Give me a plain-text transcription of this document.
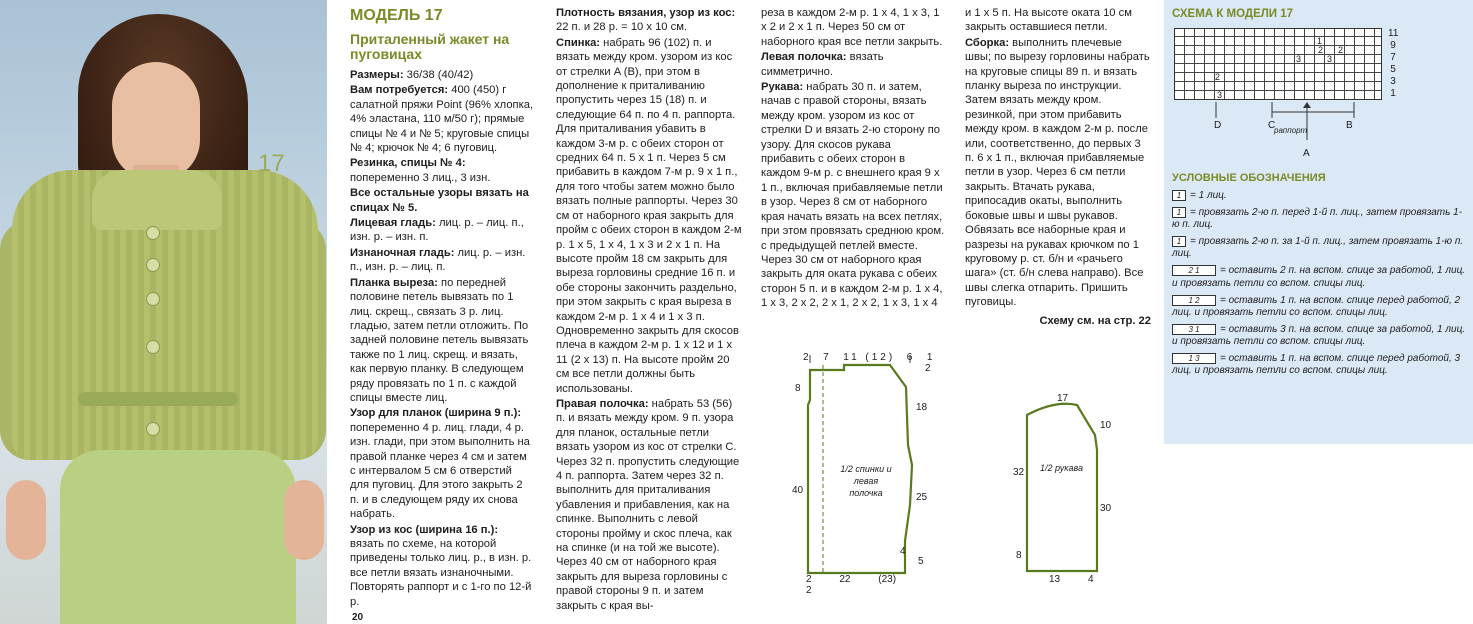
17
МОДЕЛЬ 17
Приталенный жакет на пуговицах
Размеры: 36/38 (40/42)
Вам потребуется: 400 (450) г салатной пряжи Point (96% хлопка, 4% эластана, 110 м/50 г); прямые спицы № 4 и № 5; круговые спицы № 4; крючок № 4; 6 пуговиц.
Резинка, спицы № 4: попеременно 3 лиц., 3 изн.
Все остальные узоры вязать на спицах № 5.
Лицевая гладь: лиц. р. – лиц. п., изн. р. – изн. п.
Изнаночная гладь: лиц. р. – изн. п., изн. р. – лиц. п.
Планка выреза: по передней половине петель вывязать по 1 лиц. скрещ., связать 3 р. лиц. гладью, затем петли отложить. По задней половине петель вывязать также по 1 лиц. скрещ. и вязать, как первую планку. В следующем ряду провязать по 1 п. с каждой спицы вместе лиц.
Узор для планок (ширина 9 п.): попеременно 4 р. лиц. глади, 4 р. изн. глади, при этом выполнить на правой планке через 4 см и затем с интервалом 5 см 6 отверстий для пуговиц. Для этого закрыть 2 п. и в следующем ряду их снова набрать.
Узор из кос (ширина 16 п.): вязать по схеме, на которой приведены только лиц. р., в изн. р. все петли вязать изнаночными. Повторять раппорт и с 1-го по 12-й р.
Плотность вязания, узор из кос: 22 п. и 28 р. = 10 х 10 см.
Спинка: набрать 96 (102) п. и вязать между кром. узором из кос от стрелки A (B), при этом в дополнение к приталиванию пропустить через 15 (18) п. и следующие 64 п. по 4 п. раппорта. Для приталивания убавить в каждом 3-м р. с обеих сторон от средних 64 п. 5 х 1 п. Через 5 см прибавить в каждом 7-м р. 9 х 1 п., для того чтобы затем можно было вязать полные раппорты. Через 30 см от наборного края закрыть для пройм с обеих сторон в каждом 2-м р. 1 х 5, 1 х 4, 1 х 3 и 2 х 1 п. На высоте пройм 18 см закрыть для выреза горловины средние 16 п. и обе стороны закончить раздельно, при этом закрыть с края выреза в каждом 2-м р. 1 х 4 и 1 х 3 п. Одновременно закрыть для скосов плеча в каждом 2-м р. 1 х 12 и 1 х 11 (2 х 13) п. На высоте пройм 20 см все петли должны быть использованы.
Правая полочка: набрать 53 (56) п. и вязать между кром. 9 п. узора для планок, остальные петли вязать узором из кос от стрелки C. Через 32 п. пропустить следующие 4 п. раппорта. Затем через 32 п. выполнить для приталивания убавления и прибавления, как на спинке. Выполнить с левой стороны пройму и скос плеча, как на спинке (и на той же высоте). Через 40 см от наборного края закрыть для выреза горловины с правой стороны 9 п. и затем закрыть с края вы-
реза в каждом 2-м р. 1 х 4, 1 х 3, 1 х 2 и 2 х 1 п. Через 50 см от наборного края все петли закрыть.
Левая полочка: вязать симметрично.
Рукава: набрать 30 п. и затем, начав с правой стороны, вязать между кром. узором из кос от стрелки D и вязать 2-ю сторону по узору. Для скосов рукава прибавить с обеих сторон в каждом 9-м р. с внешнего края 9 х 1 п., включая прибавляемые петли в узор. Через 8 см от наборного края начать вязать на всех петлях, при этом провязать среднюю кром. с предыдущей петлей вместе. Через 30 см от наборного края закрыть для оката рукава с обеих сторон 5 п. и в каждом 2-м р. 1 х 4, 1 х 3, 2 х 2, 2 х 1, 2 х 2, 1 х 3, 1 х 4
и 1 х 5 п. На высоте оката 10 см закрыть оставшиеся петли.
Сборка: выполнить плечевые швы; по вырезу горловины набрать на круговые спицы 89 п. и вязать планку выреза по инструкции. Затем вязать между кром. резинкой, при этом прибавить между кром. в каждом 2-м р. после или, соответственно, до первых 3 п. 6 х 1 п., включая прибавляемые петли в узор. Через 6 см петли закрыть. Втачать рукава, припосадив окаты, выполнить боковые швы и швы рукавов. Обвязать все наборные края и разрезы на рукавах крючком по 1 круговому р. ст. б/н и «рачьего шага» (ст. б/н слева направо). Все швы слегка отпарить. Пришить пуговицы.
Схему см. на стр. 22
2 7 11 (12) 6 1
8
2
18
40
25
1/2 спинки и левая полочка
4
5
2	22 (23) 2
17
10
32 1/2 рукава
30
8
13	4
СХЕМА К МОДЕЛИ 17
1
2 2
3	3
2
3
11
9
7
5
3
1
D	C	B
раппорт
A
УСЛОВНЫЕ ОБОЗНАЧЕНИЯ
1 = 1 лиц.
1 = провязать 2-ю п. перед 1-й п. лиц., затем провязать 1-ю п. лиц.
1 = провязать 2-ю п. за 1-й п. лиц., затем провязать 1-ю п. лиц.
2 1 = оставить 2 п. на вспом. спице за работой, 1 лиц. и провязать петли со вспом. спицы лиц.
1 2 = оставить 1 п. на вспом. спице перед работой, 2 лиц. и провязать петли со вспом. спицы лиц.
3 1 = оставить 3 п. на вспом. спице за работой, 1 лиц. и провязать петли со вспом. спицы лиц.
1 3 = оставить 1 п. на вспом. спице перед работой, 3 лиц. и провязать петли со вспом. спицы лиц.
20
